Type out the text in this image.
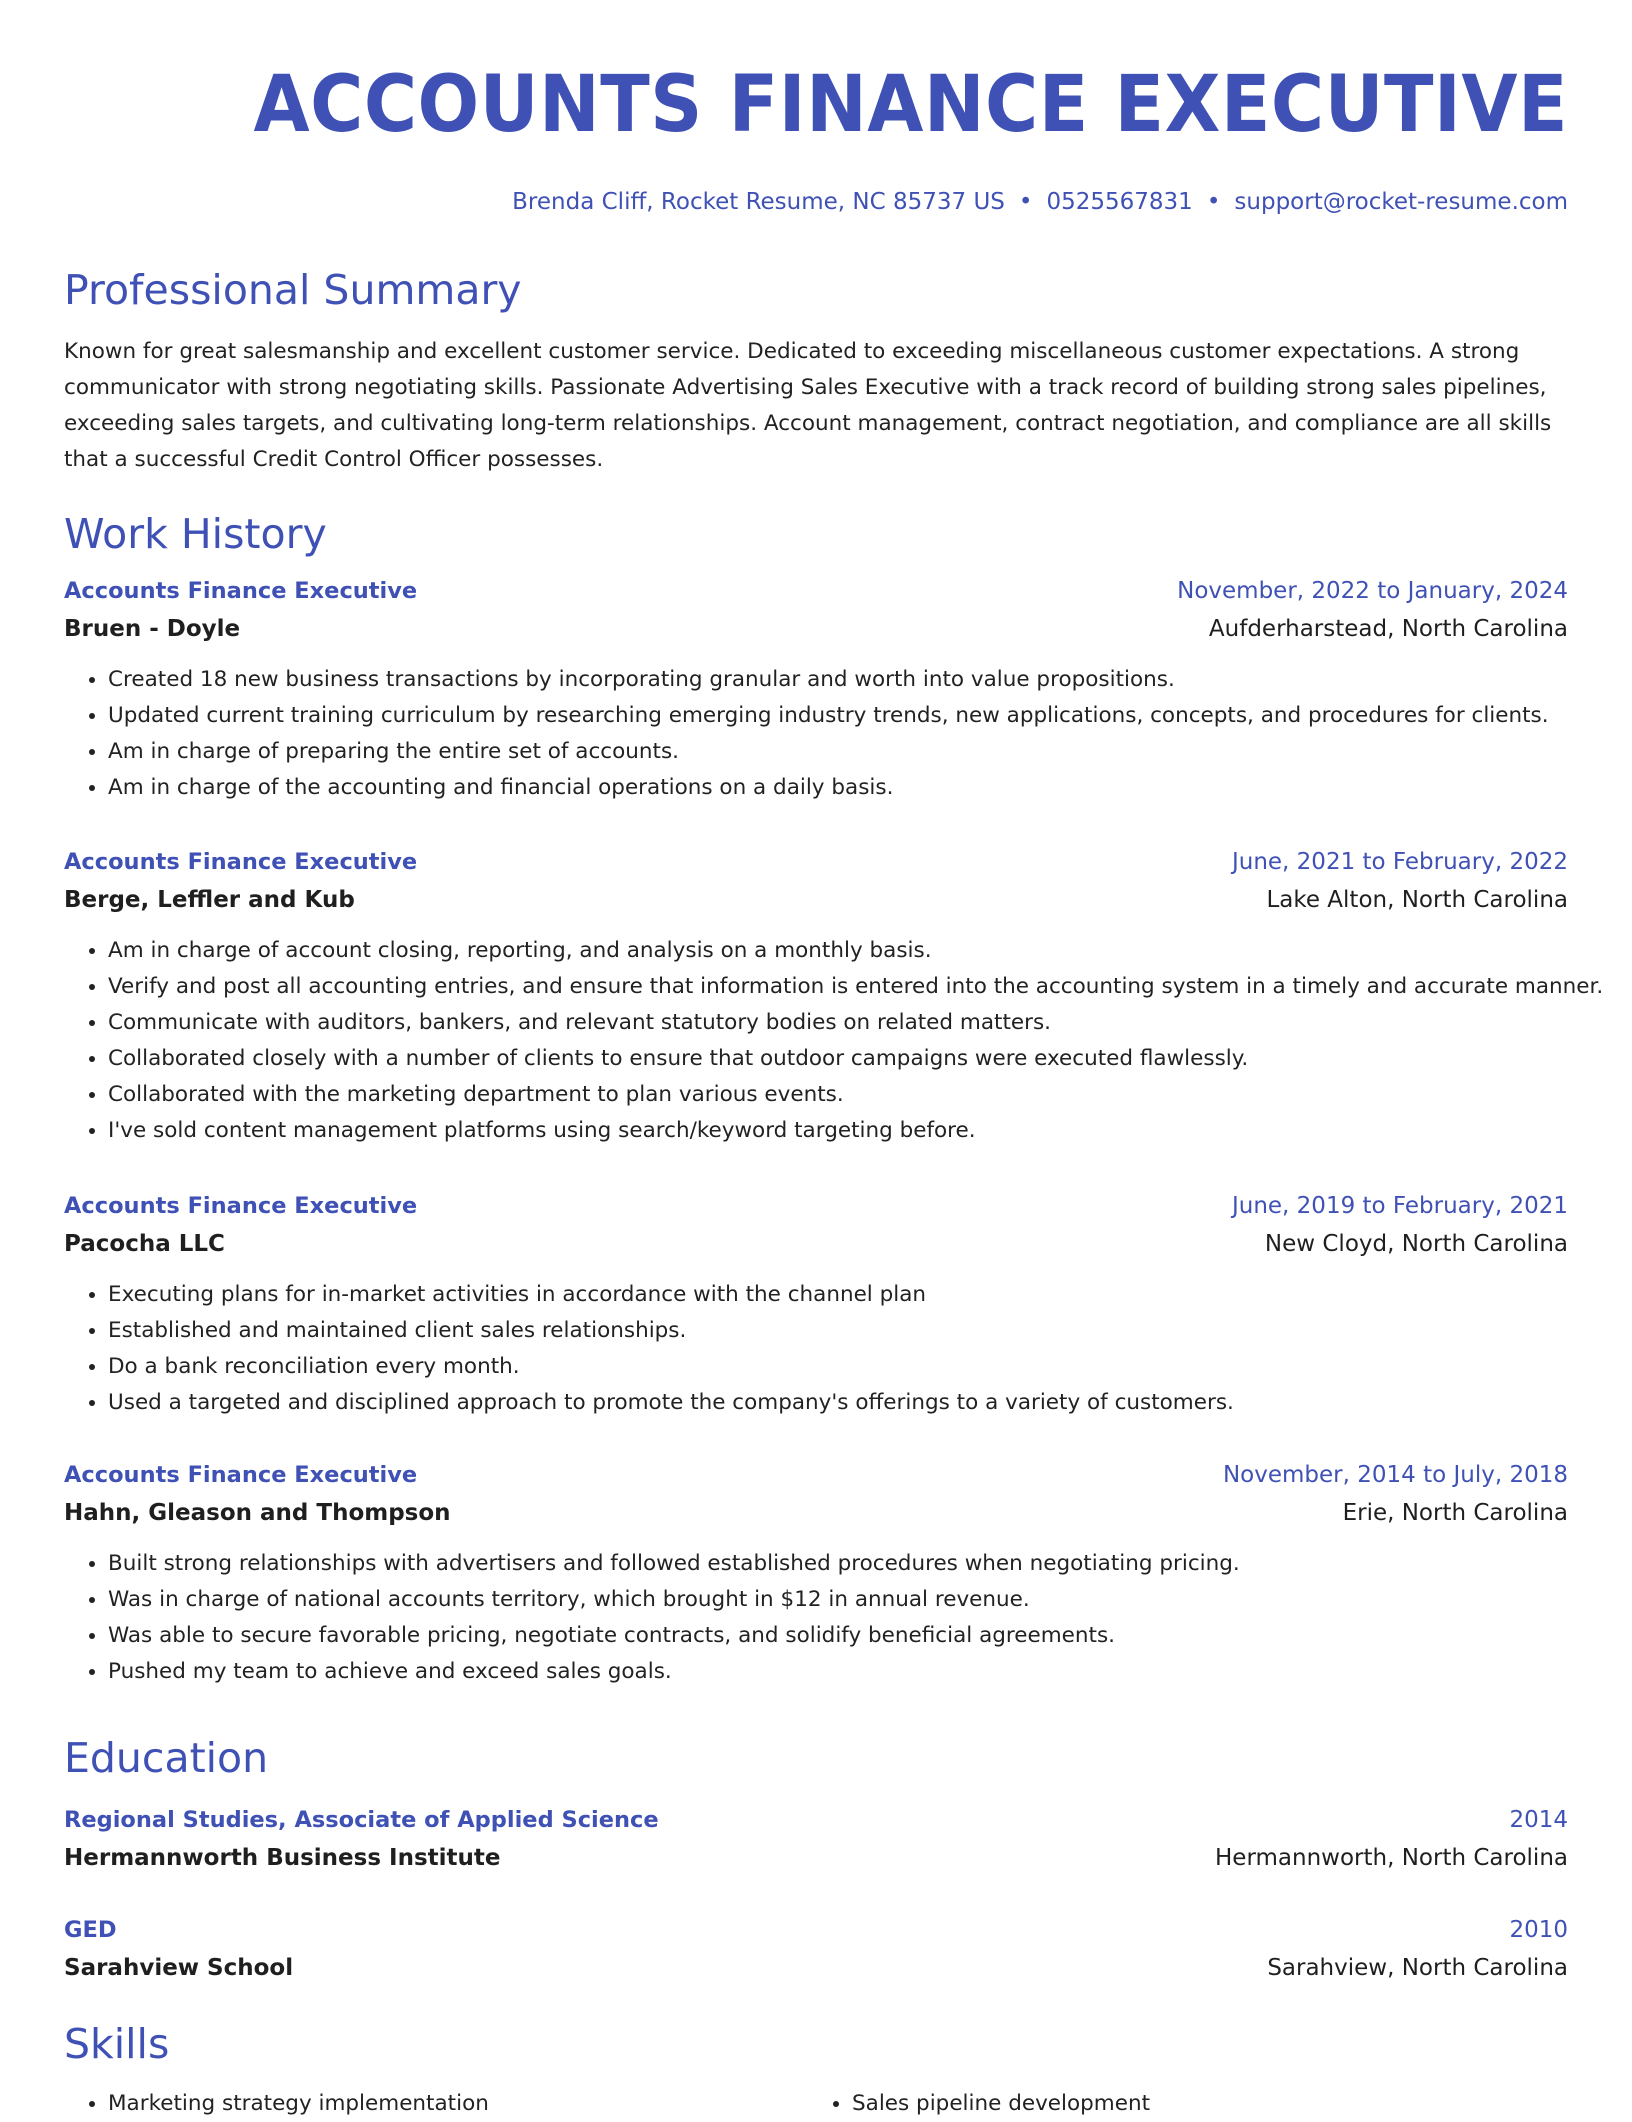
ACCOUNTS FINANCE EXECUTIVE
Brenda Cliff, Rocket Resume, NC 85737 US • 0525567831 • support@rocket-resume.com
Professional Summary
Known for great salesmanship and excellent customer service. Dedicated to exceeding miscellaneous customer expectations. A strong communicator with strong negotiating skills. Passionate Advertising Sales Executive with a track record of building strong sales pipelines, exceeding sales targets, and cultivating long-term relationships. Account management, contract negotiation, and compliance are all skills that a successful Credit Control Officer possesses.
Work History
Accounts Finance Executive	November, 2022 to January, 2024
Bruen - Doyle	Aufderharstead, North Carolina
• Created 18 new business transactions by incorporating granular and worth into value propositions.
• Updated current training curriculum by researching emerging industry trends, new applications, concepts, and procedures for clients.
• Am in charge of preparing the entire set of accounts.
• Am in charge of the accounting and financial operations on a daily basis.
Accounts Finance Executive	June, 2021 to February, 2022
Berge, Leffler and Kub	Lake Alton, North Carolina
• Am in charge of account closing, reporting, and analysis on a monthly basis.
• Verify and post all accounting entries, and ensure that information is entered into the accounting system in a timely and accurate manner.
• Communicate with auditors, bankers, and relevant statutory bodies on related matters.
• Collaborated closely with a number of clients to ensure that outdoor campaigns were executed flawlessly.
• Collaborated with the marketing department to plan various events.
• I've sold content management platforms using search/keyword targeting before.
Accounts Finance Executive	June, 2019 to February, 2021
Pacocha LLC	New Cloyd, North Carolina
• Executing plans for in-market activities in accordance with the channel plan
• Established and maintained client sales relationships.
• Do a bank reconciliation every month.
• Used a targeted and disciplined approach to promote the company's offerings to a variety of customers.
Accounts Finance Executive	November, 2014 to July, 2018
Hahn, Gleason and Thompson	Erie, North Carolina
• Built strong relationships with advertisers and followed established procedures when negotiating pricing.
• Was in charge of national accounts territory, which brought in $12 in annual revenue.
• Was able to secure favorable pricing, negotiate contracts, and solidify beneficial agreements.
• Pushed my team to achieve and exceed sales goals.
Education
Regional Studies, Associate of Applied Science	2014
Hermannworth Business Institute	Hermannworth, North Carolina
GED	2010
Sarahview School	Sarahview, North Carolina
Skills
• Marketing strategy implementation
•	Sales pipeline development
